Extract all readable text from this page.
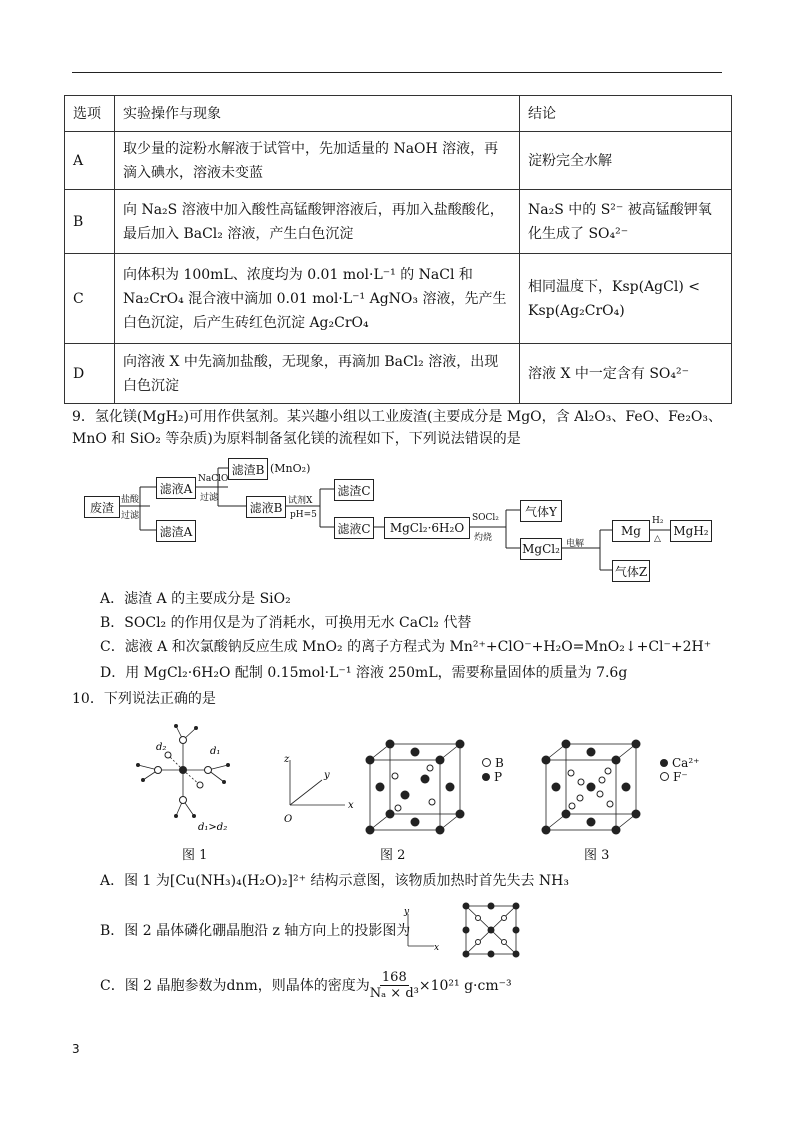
选项	实验操作与现象	结论
A	取少量的淀粉水解液于试管中，先加适量的 NaOH 溶液，再滴入碘水，溶液未变蓝	淀粉完全水解
B	向 Na₂S 溶液中加入酸性高锰酸钾溶液后，再加入盐酸酸化，最后加入 BaCl₂ 溶液，产生白色沉淀	Na₂S 中的 S²⁻ 被高锰酸钾氧化生成了 SO₄²⁻
C	向体积为 100mL、浓度均为 0.01 mol·L⁻¹ 的 NaCl 和 Na₂CrO₄ 混合液中滴加 0.01 mol·L⁻¹ AgNO₃ 溶液，先产生白色沉淀，后产生砖红色沉淀 Ag₂CrO₄	相同温度下，Ksp(AgCl) < Ksp(Ag₂CrO₄)
D	向溶液 X 中先滴加盐酸，无现象，再滴加 BaCl₂ 溶液，出现白色沉淀	溶液 X 中一定含有 SO₄²⁻
9．氢化镁(MgH₂)可用作供氢剂。某兴趣小组以工业废渣(主要成分是 MgO，含 Al₂O₃、FeO、Fe₂O₃、MnO 和 SiO₂ 等杂质)为原料制备氢化镁的流程如下，下列说法错误的是
废渣
盐酸
过滤
滤液A
滤渣A
NaClO
过滤
滤渣B (MnO₂)
滤液B 试剂X
pH=5
滤渣C
滤液C	MgCl₂·6H₂O
SOCl₂
灼烧
气体Y
MgCl₂ 电解
Mg
气体Z
H₂
△
MgH₂
A．滤渣 A 的主要成分是 SiO₂
B．SOCl₂ 的作用仅是为了消耗水，可换用无水 CaCl₂ 代替
C．滤液 A 和次氯酸钠反应生成 MnO₂ 的离子方程式为 Mn²⁺+ClO⁻+H₂O=MnO₂↓+Cl⁻+2H⁺
D．用 MgCl₂·6H₂O 配制 0.15mol·L⁻¹ 溶液 250mL，需要称量固体的质量为 7.6g
10．下列说法正确的是
d₂	d₁
d₁>d₂
图 1
z
y
x
O
B
P
图 2
Ca²⁺
F⁻
图 3
A．图 1 为[Cu(NH₃)₄(H₂O)₂]²⁺ 结构示意图，该物质加热时首先失去 NH₃
B．图 2 晶体磷化硼晶胞沿 z 轴方向上的投影图为
y
x
C．图 2 晶胞参数为dnm，则晶体的密度为 $\frac{168}{\text{Nₐ × d³}} \times 10^{21}$ g·cm⁻³
3
